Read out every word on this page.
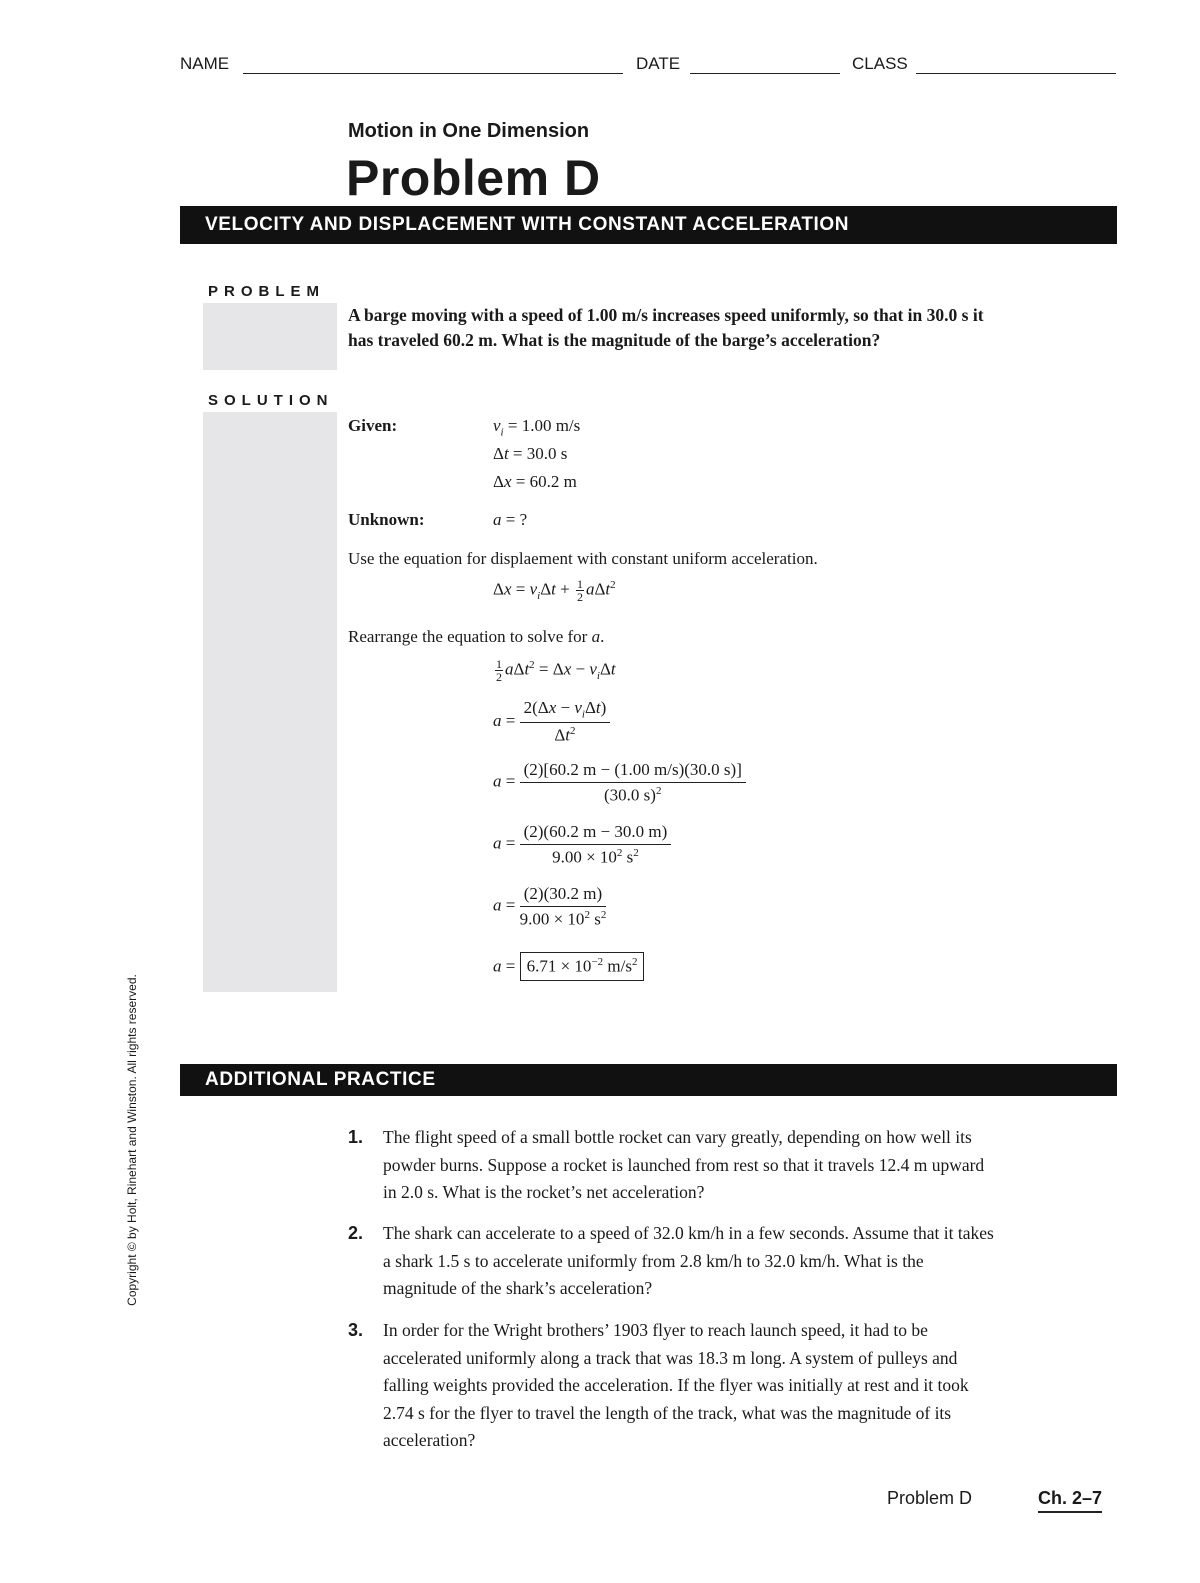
NAME	DATE	CLASS
Motion in One Dimension
Problem D
VELOCITY AND DISPLACEMENT WITH CONSTANT ACCELERATION
PROBLEM
A barge moving with a speed of 1.00 m/s increases speed uniformly, so that in 30.0 s it has traveled 60.2 m. What is the magnitude of the barge’s acceleration?
SOLUTION
Given:	$v_i = 1.00$ m/s
Δt = 30.0 s
Δx = 60.2 m
Unknown:	a = ?
Use the equation for displaement with constant uniform acceleration.
$\Delta x = v_i\Delta t + \frac{1}{2} a\Delta t^2$
Rearrange the equation to solve for a.
$\frac{1}{2} a\Delta t^2 = \Delta x - v_i\Delta t$
$a = \frac{2(\Delta x - v_i\Delta t)}{\Delta t^2}$
$a = \frac{(2)[60.2 m - (1.00 m/s)(30.0 s)]}{(30.0 s)^2}$
$a = \frac{(2)(60.2 m - 30.0 m)}{9.00 \times 10^2 s^2}$
$a = \frac{(2)(30.2 m)}{9.00 \times 10^2 s^2}$
$a = 6.71 \times 10^{-2}$ $m/s^2$
Copyright © by Holt, Rinehart and Winston. All rights reserved.	ADDITIONAL PRACTICE
1. The flight speed of a small bottle rocket can vary greatly, depending on how well its powder burns. Suppose a rocket is launched from rest so that it travels 12.4 m upward in 2.0 s. What is the rocket’s net acceleration?
2. The shark can accelerate to a speed of 32.0 km/h in a few seconds. Assume that it takes a shark 1.5 s to accelerate uniformly from 2.8 km/h to 32.0 km/h. What is the magnitude of the shark’s acceleration?
3. In order for the Wright brothers’ 1903 flyer to reach launch speed, it had to be accelerated uniformly along a track that was 18.3 m long. A system of pulleys and falling weights provided the acceleration. If the flyer was initially at rest and it took 2.74 s for the flyer to travel the length of the track, what was the magnitude of its acceleration?
Problem D	Ch. 2–7
